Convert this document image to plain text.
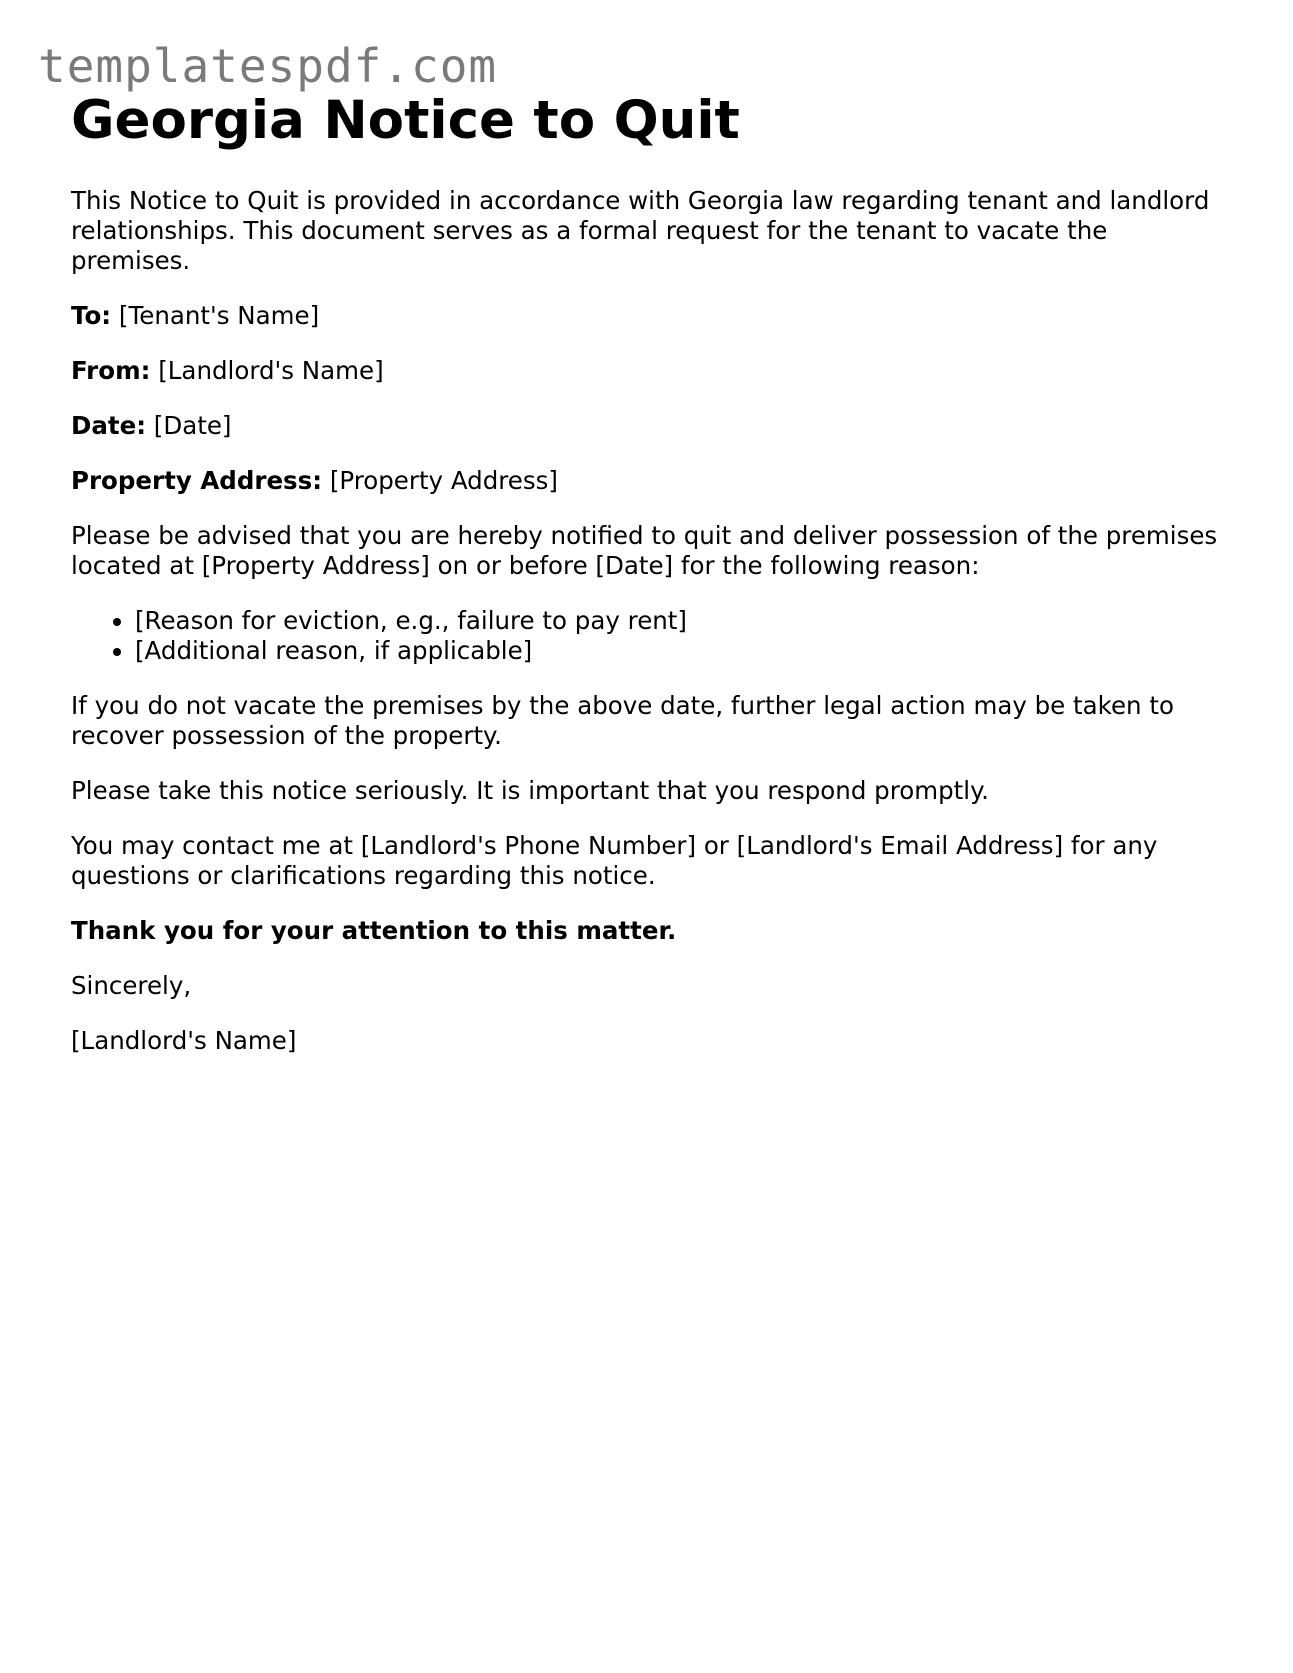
templatespdf.com
Georgia Notice to Quit

This Notice to Quit is provided in accordance with Georgia law regarding tenant and landlord relationships. This document serves as a formal request for the tenant to vacate the premises.

To: [Tenant's Name]

From: [Landlord's Name]

Date: [Date]

Property Address: [Property Address]

Please be advised that you are hereby notified to quit and deliver possession of the premises located at [Property Address] on or before [Date] for the following reason:

• [Reason for eviction, e.g., failure to pay rent]
• [Additional reason, if applicable]

If you do not vacate the premises by the above date, further legal action may be taken to recover possession of the property.

Please take this notice seriously. It is important that you respond promptly.

You may contact me at [Landlord's Phone Number] or [Landlord's Email Address] for any questions or clarifications regarding this notice.

Thank you for your attention to this matter.

Sincerely,

[Landlord's Name]
